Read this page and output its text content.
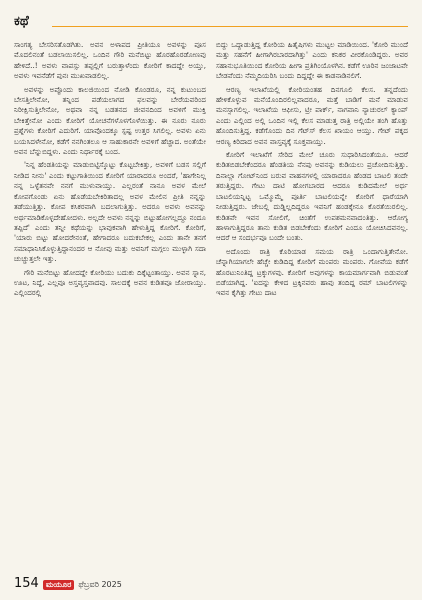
ಕಥೆ

ಸಾಂಗತ್ಯ ಬೇಸರಿಸತೊಡಗಿತು. ಅವನ ಅಳಾಪದ ಪ್ರೀತಿಯೂ ಅವಳನ್ನು ಪೂಸ ಮೊದಲಿನಂತೆ ಬಡಲಾಯಿಸಲಿಲ್ಲ. ಒಂದಿನ ಗೌರಿ ಮನೆಬಿಟ್ಟು ಹೊರಹೊರಡೋಣವು ಹೇಳಿದೆ..! ಅವಳು ವಾಪಸ್ಸು ತಪ್ಪಲ್ಲಿಗೆ ಬರುತ್ತಾಳೆಂದು ಕೋರಿಗೆ ಕಾದದ್ದೇ ಅಯ್ತು, ಅವಳು ಇವನೆಡೆಗೆ ಪುನಃ ಮುಖವಾಡಲಿಲ್ಲ.

ಅವಳನ್ನು ಅಪ್ಪೊಂದು ಕಾಲಜಿಯಿಂದ ನೋಡಿ ಕೊಂಡರೂ, ನನ್ನ ಕುಟುಂಬದ ಬೇಸತ್ತಿಲೇನೋ, ತನ್ನಿಂದ ಪಡೆಯಲಾಗದ ಫಲವನ್ನು ಬೇರೆಯವರಿಂದ ನಿರೀಕ್ಷಿಸುತ್ತಿಲೇನೋ, ಅಥವಾ ನನ್ನ ಬಡತನದ ಜೀವನದಿಂದ ಅವಳಿಗೆ ಮುಕ್ತಿ ಬೇಕಿತ್ತೇನೋ ಎಂದು ಕೋರಿಗೆ ಯೋಚನೆಗಳೊಳಗೊಳೆಯಿತ್ತು. ಈ ನೂರು ನೂರು ಪ್ರಶ್ನೆಗಳು ಕೋರಿಗೆ ಎದುರಿಗೆ. ಯಾವೊಂದಕ್ಕೂ ಸ್ಪಷ್ಟ ಉತ್ತರ ಸಿಗಲಿಲ್ಲ. ಅವಳು ಏನು ಬಯಸಿದಳೇನೋ, ಕಡೆಗೆ ನನಗಿಂತಲೂ ಆ ಸಾಹುಕಾರನೇ ಅವಳಿಗೆ ಹೆಚ್ಚಾದ. ಅಂತೆಯೇ ಅವನ ಬೆನ್ನುಬಿದ್ದಳು. ಎಂದು ನಿರ್ಧಾರಕ್ಕೆ ಬಂದ.

'ನಿನ್ನ ಹೆಂಡತಿಯನ್ನು ಮಾಡುಬಿಟ್ಟಿಸ್ಕೊಟ್ಟು ಕೊಟ್ಟಬೇಕಿತ್ತು, ಅವಳಿಗೆ ಬಡಸ ಸಲ್ಲಿಗೆ ನೀಡಿದ ನೀನು' ಎಂದು ಕಟ್ಟುಗಾತಿಯಿಂದ ಕೋರಿಗೆ ಯಾರಾದರೂ ಅಂದರೆ, 'ಹಾಗೇನಿಲ್ಲ ನನ್ನ ಒಳ್ಳೆತನವೇ ನನಗೆ ಮುಳುವಾಯ್ತು. ಎಲ್ಲರಂತೆ ನಾನೂ ಅವಳ ಮೇಲೆ ಕೋಪಗೊಂಡು ಏನು ಹೊಡೆಯಬೇಕಿರಿತಾದಲ್ಲ ಅವಳ ಮೇಲಿನ ಪ್ರೀತಿ ನನ್ನನ್ನು ತಡೆಯುತ್ತಿತ್ತು. ಕೋಪ ಕಸಿಕರವಾಗಿ ಬದಲಾಗುತ್ತಿತ್ತು. ಅದರೂ ಅವಳು ಅವನನ್ನು ಅರ್ಥಮಾಡಿಕೊಳ್ಳದೇಹೋದಳು. ಅಲ್ಲದೇ ಅವಳು ನನ್ನನ್ನು ಬಿಟ್ಟುಹೋಗಲ್ಲದ್ದೂ ನಂದೂ ತಪ್ಪಿದೆ' ಎಂದು ತನ್ನೀ ಕಥೆಯನ್ನು ಭಾವುಕವಾಗಿ ಹೇಳುತ್ತಿದ್ದ ಕೋರಿಗೆ. ಕೋರಿಗೆ, 'ಯಾರು ಬಿಟ್ಟು ಹೋದರೇನಂತೆ, ಹೇಗಾದರೂ ಬದುಕಬೇಕಲ್ಲ ಎಂದು ತಾನೇ ತನಗೆ ಸಮಾಧಾನಿಸಿಕೊಳ್ಳುತ್ತಿದ್ದಾನಂದರ ಆ ನೋವು ಮತ್ತು ಅವನಿಗೆ ಮಗ್ಗಲು ಮುಳ್ಳಾಗಿ ಸದಾ ಚುಚ್ಚುತ್ತಲೇ ಇತ್ತು.

ಗೌರಿ ಮನೆಬಿಟ್ಟು ಹೋದದ್ದೇ ಕೋರಿಯು ಬದುಕು ದಿಕ್ಕೆಟ್ಟಂತಾಯ್ತು. ಅವನ ಸ್ನಾನ, ಊಟ, ನಿದ್ದೆ, ಎಲ್ಲವೂ ಅಸ್ತವ್ಯಸ್ತವಾದವು. ಸಾಲದಕ್ಕೆ ಅವನ ಕುಡಿತವೂ ಜೋರಾಯ್ತು. ಎಲ್ಲಿಂದರಲ್ಲಿ

ಬಿದ್ದು ಒದ್ದಾಡುತ್ತಿದ್ದ ಕೋರಿಯ ಹಿತೈಷಿಗಳು ಮುಟ್ಟಲ ಮಾಡಿಯಿಂದ. 'ಕೋರಿ ಮುಂದೆ ಮತ್ತು ಸಹನೆಗೆ ಹೀಗಾಗಿರಬಾರದಾಗಿತ್ತು' ಎಂದು ಕನಿಕರ ವೀರಕೊಂಡಿದ್ದರು. ಅವರ ಸಹಾನುಭೂತಿಯಿಂದ ಕೋರಿಯ ಹೀಗಾ ಪ್ರತಿಗಿಂಯೊಳಗಿನ. ಕಡೆಗೆ ಊರಿನ ಜಂಜಾಟವೇ ಬೇಡವೆಂದು ನೆಮ್ಮದಿಯರಿಸಿ ಬಂದು ದಿದ್ದದ್ದೇ ಈ ಕಾಡನಾಡಿನಲಿಗೆ.

ಆರಣ್ಯ ಇಲಾಖೆಯಲ್ಲಿ ಕೋರಿಯಂತಹ ದಿನಗೂಲಿ ಕೆಲಸ. ತನ್ನದೆಂದು ಹೇಳಿಕೊಳ್ಳುವ ಮನೆಯೊಂದಿರಲಿಲ್ಲವಾದರೂ, ಮತ್ತೆ ಬಾಡಿಗೆ ಮನೆ ಮಾಡುವ ಮನಸ್ಸಾಗಲಿಲ್ಲ. ಇಲಾಖೆಯ ಆಫೀಸು, ಟ್ರೀ ಪಾರ್ಕ್, ನಾಗವಾನಿ ನ್ಯಾಚುರಲ್ ಕ್ಯಾಂಪ್ ಎಂದು ಎಲ್ಲಿಂದ ಅಲ್ಲಿ ಒಂದಿನ ಇಲ್ಲಿ ಕೆಲಸ ಮಾಡುತ್ತ ರಾತ್ರಿ ಅಲ್ಲಿಯೇ ತಂಗಿ ಹೊತ್ತು ಹೊಂದಿಸುತ್ತಿದ್ದ. ಕಡೆಗೊಂದು ದಿನ ಗೆಟ್‌ಸ್ ಕೆಲಸ ಖಾಯಂ ಆಯ್ತು. ಗೇಟ್ ಪಕ್ಕದ ಆರಣ್ಯ ಕಿರಿದಾದ ಅವನ ವಾಸ್ತವ್ಯಕ್ಕೆ ಸೂಕ್ತವಾಯ್ತು.

ಕೋರಿಗೆ ಇಲಾಖೆಗೆ ಸೇರಿದ ಮೇಲೆ ಚೂರು ಸುಧಾರಿಸಿದಂತೆಯೂ. ಆದರೆ ಕುಡಿತಬಿಡಬೇಕೆಂದರೂ ಹೆಂಡತಿಯ ನೆನಪು ಅವನನ್ನು ಕುಡಿಯಲು ಪ್ರಚೋದಿಸುತ್ತಿತ್ತು. ದಿನಾಲ್ಲಾ ಗೋಟ್‌ನಿಂದ ಬರುವ ವಾಹನಗಳಲ್ಲಿ ಯಾರಾದರೂ ಹೆಂಡದ ಬಾಟಲಿ ತಂದೇ ತರುತ್ತಿದ್ದರು. ಗೇಟು ದಾಟಿ ಹೋಗಬಾರದ ಆದರೂ ಕುಡಿದಮೇಲೆ ಅರ್ಧ ಬಾಟಲಿಯನ್ನಿಟ್ಟ ಒಮ್ಮೊಮ್ಮೆ ಪೂರ್ತಿ ಬಾಟಲಿಯನ್ನೇ ಕೋರಿಗೆ ಧಾರೆಯಾಗಿ ನೀಡುತ್ತಿದ್ದರು. ಜೇಬಲ್ಲಿ ದುಡ್ಡಿಲ್ಲದಿದ್ದರೂ ಇವನಿಗೆ ಹಂಡಕ್ಕೇನೂ ಕೊರತೆಯಿರಲಿಲ್ಲ. ಕುಡಿತವೇ ಇವನ ಸೋಲಿಗೆ, ಚಿಂತೆಗೆ ಉಪಶಮನವಾದಂತಿತ್ತು. ಆರೋಗ್ಯ ಹಾಳಾಗುತ್ತಿದ್ದರೂ ತಾನು ಕುಡಿತ ಬಿಡಬೇಕೆಂದು ಕೋರಿಗೆ ಎಂದೂ ಯೋಚಿಸಿದವನಲ್ಲ. ಆದರೆ ಆ ಸಂದರ್ಭವೂ ಬಂದೇ ಬಂತು.

ಅದೊಂದು ರಾತ್ರಿ ಕೊರಿಯಾಡ ಸಮಯ ರಾತ್ರಿ ಒಂದಾಗುತ್ತಿತೇನೋ. ಚೆನ್ನಾಗಿಯಾಗಲೇ ಹೆಚ್ಚೇ ಕುಡಿದಿದ್ದ ಕೋರಿಗೆ ಮಂಪರು ಮಂಪರು. ಗೋವೆಯ ಕಡೆಗೆ ಹೊರಟುನಿಂತಿದ್ದ ಟ್ರಕ್ಕುಗಳವು. ಕೋರಿಗೆ ಅವುಗಳನ್ನು ಕಾಯಮಾರ್ಗವಾಗಿ ಬಿಡುವಂತೆ ಬಿಡೆಯಾಗಿದ್ದ. 'ಐದನ್ನು ಕೇಳಿದ ಟ್ರಕ್ಕಿನವರು ಹಾವು ತಂದಿದ್ದ ರಮ್ ಬಾಟಲಿಗಳನ್ನು ಇವನ ಕೈಗಿತ್ತು ಗೇಟು ದಾಟ

154 ಮಯೂರ ಫೆಬ್ರವರಿ 2025
